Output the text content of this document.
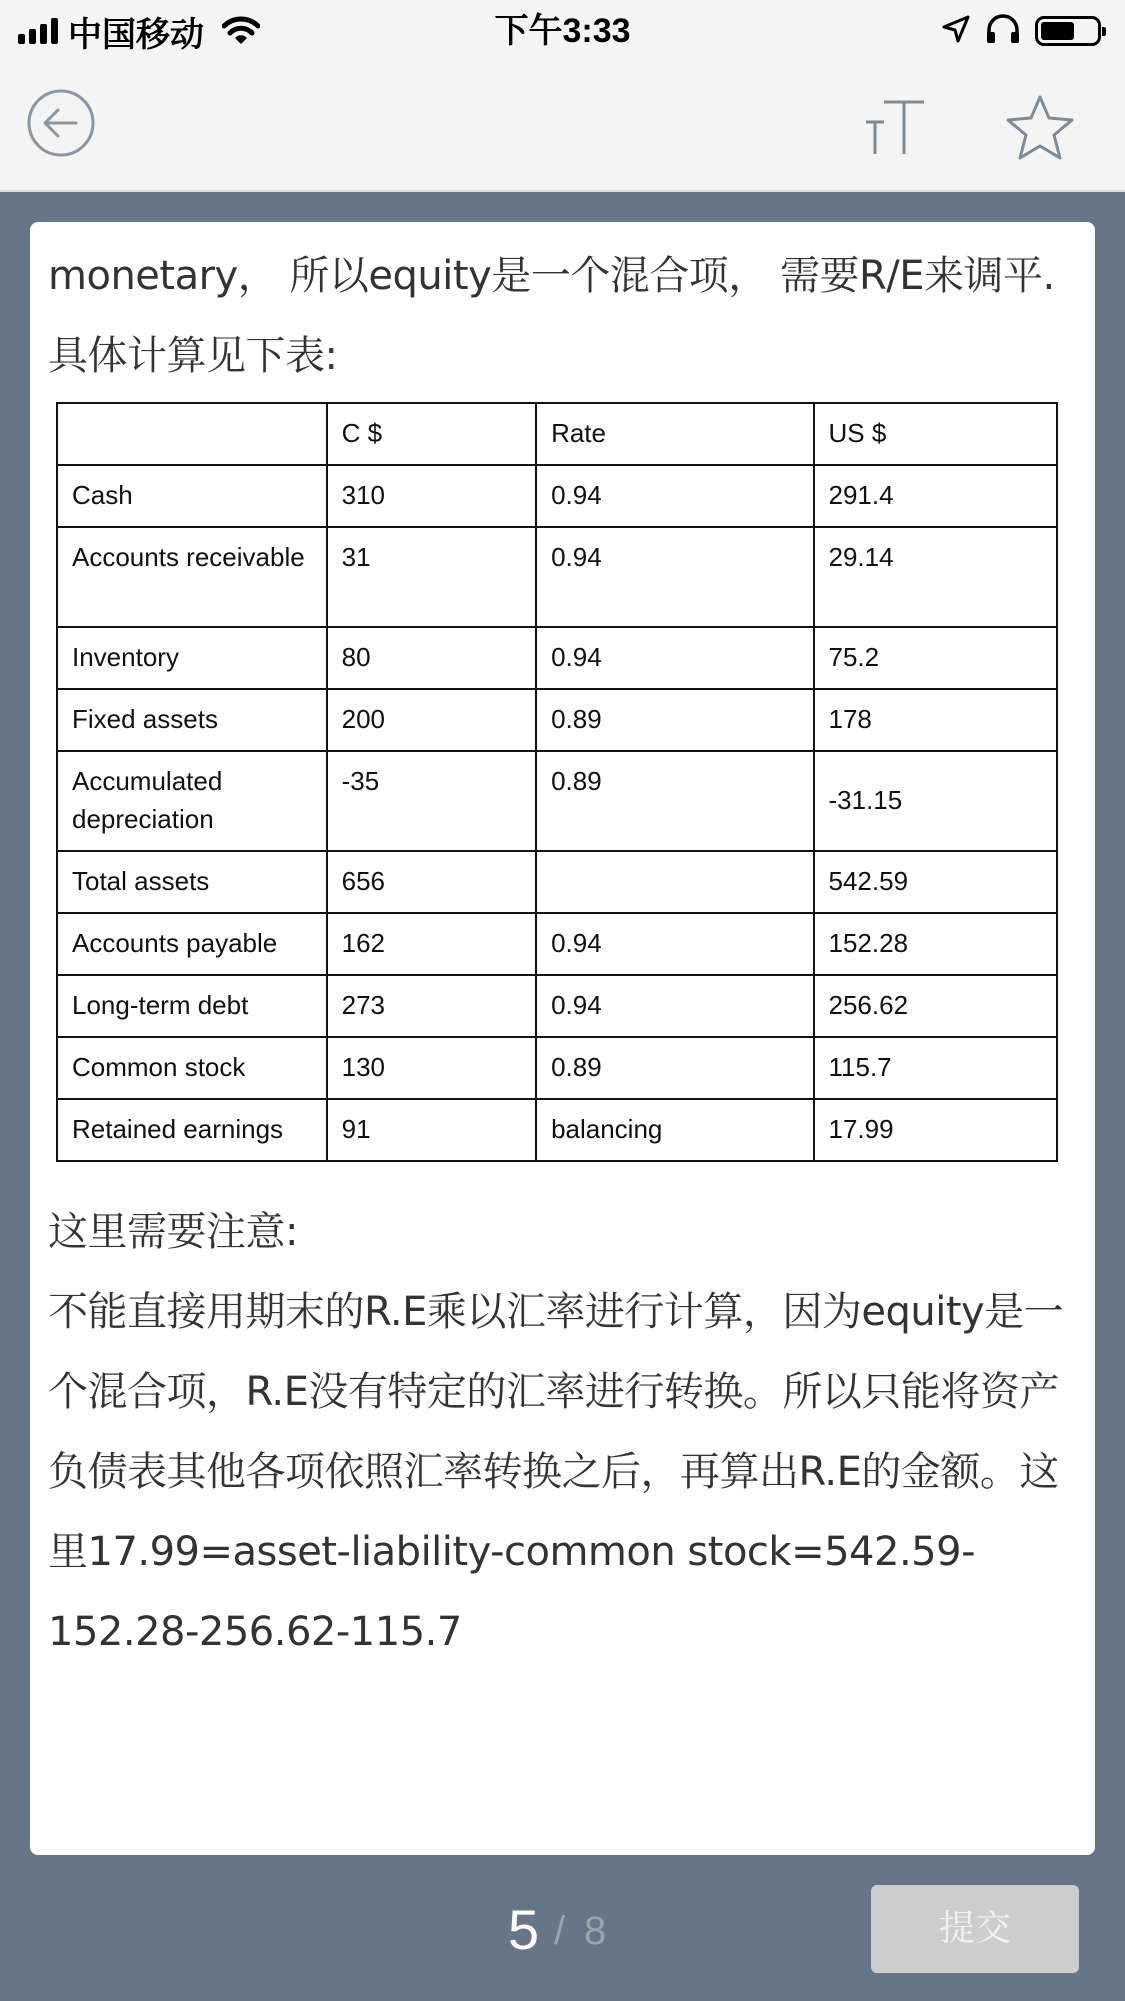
中国移动	下午3:33
monetary， 所以equity是一个混合项， 需要R/E来调平.
具体计算见下表:
	C $	Rate	US $
Cash	310	0.94	291.4
Accounts receivable	31	0.94	29.14
Inventory	80	0.94	75.2
Fixed assets	200	0.89	178
Accumulated depreciation	-35	0.89	-31.15
Total assets	656		542.59
Accounts payable	162	0.94	152.28
Long-term debt	273	0.94	256.62
Common stock	130	0.89	115.7
Retained earnings	91	balancing	17.99
这里需要注意:
不能直接用期末的R.E乘以汇率进行计算，因为equity是一个混合项，R.E没有特定的汇率进行转换。所以只能将资产负债表其他各项依照汇率转换之后，再算出R.E的金额。这里17.99=asset-liability-common stock=542.59-152.28-256.62-115.7
5 / 8	提交
